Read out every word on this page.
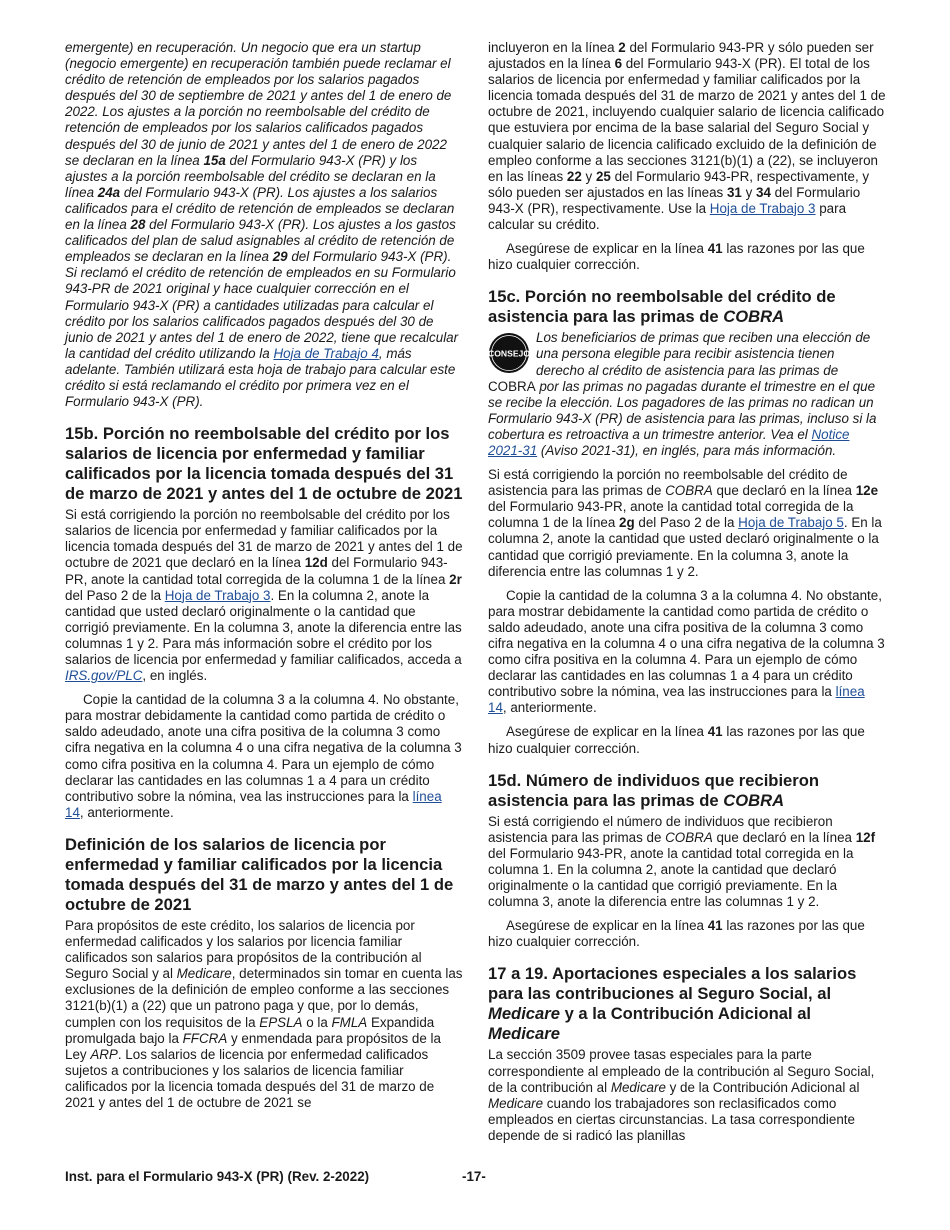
emergente) en recuperación. Un negocio que era un startup (negocio emergente) en recuperación también puede reclamar el crédito de retención de empleados por los salarios pagados después del 30 de septiembre de 2021 y antes del 1 de enero de 2022. Los ajustes a la porción no reembolsable del crédito de retención de empleados por los salarios calificados pagados después del 30 de junio de 2021 y antes del 1 de enero de 2022 se declaran en la línea 15a del Formulario 943-X (PR) y los ajustes a la porción reembolsable del crédito se declaran en la línea 24a del Formulario 943-X (PR). Los ajustes a los salarios calificados para el crédito de retención de empleados se declaran en la línea 28 del Formulario 943-X (PR). Los ajustes a los gastos calificados del plan de salud asignables al crédito de retención de empleados se declaran en la línea 29 del Formulario 943-X (PR). Si reclamó el crédito de retención de empleados en su Formulario 943-PR de 2021 original y hace cualquier corrección en el Formulario 943-X (PR) a cantidades utilizadas para calcular el crédito por los salarios calificados pagados después del 30 de junio de 2021 y antes del 1 de enero de 2022, tiene que recalcular la cantidad del crédito utilizando la Hoja de Trabajo 4, más adelante. También utilizará esta hoja de trabajo para calcular este crédito si está reclamando el crédito por primera vez en el Formulario 943-X (PR).

15b. Porción no reembolsable del crédito por los salarios de licencia por enfermedad y familiar calificados por la licencia tomada después del 31 de marzo de 2021 y antes del 1 de octubre de 2021

Si está corrigiendo la porción no reembolsable del crédito por los salarios de licencia por enfermedad y familiar calificados por la licencia tomada después del 31 de marzo de 2021 y antes del 1 de octubre de 2021 que declaró en la línea 12d del Formulario 943-PR, anote la cantidad total corregida de la columna 1 de la línea 2r del Paso 2 de la Hoja de Trabajo 3. En la columna 2, anote la cantidad que usted declaró originalmente o la cantidad que corrigió previamente. En la columna 3, anote la diferencia entre las columnas 1 y 2. Para más información sobre el crédito por los salarios de licencia por enfermedad y familiar calificados, acceda a IRS.gov/PLC, en inglés.

Copie la cantidad de la columna 3 a la columna 4. No obstante, para mostrar debidamente la cantidad como partida de crédito o saldo adeudado, anote una cifra positiva de la columna 3 como cifra negativa en la columna 4 o una cifra negativa de la columna 3 como cifra positiva en la columna 4. Para un ejemplo de cómo declarar las cantidades en las columnas 1 a 4 para un crédito contributivo sobre la nómina, vea las instrucciones para la línea 14, anteriormente.

Definición de los salarios de licencia por enfermedad y familiar calificados por la licencia tomada después del 31 de marzo y antes del 1 de octubre de 2021

Para propósitos de este crédito, los salarios de licencia por enfermedad calificados y los salarios por licencia familiar calificados son salarios para propósitos de la contribución al Seguro Social y al Medicare, determinados sin tomar en cuenta las exclusiones de la definición de empleo conforme a las secciones 3121(b)(1) a (22) que un patrono paga y que, por lo demás, cumplen con los requisitos de la EPSLA o la FMLA Expandida promulgada bajo la FFCRA y enmendada para propósitos de la Ley ARP. Los salarios de licencia por enfermedad calificados sujetos a contribuciones y los salarios de licencia familiar calificados por la licencia tomada después del 31 de marzo de 2021 y antes del 1 de octubre de 2021 se

incluyeron en la línea 2 del Formulario 943-PR y sólo pueden ser ajustados en la línea 6 del Formulario 943-X (PR). El total de los salarios de licencia por enfermedad y familiar calificados por la licencia tomada después del 31 de marzo de 2021 y antes del 1 de octubre de 2021, incluyendo cualquier salario de licencia calificado que estuviera por encima de la base salarial del Seguro Social y cualquier salario de licencia calificado excluido de la definición de empleo conforme a las secciones 3121(b)(1) a (22), se incluyeron en las líneas 22 y 25 del Formulario 943-PR, respectivamente, y sólo pueden ser ajustados en las líneas 31 y 34 del Formulario 943-X (PR), respectivamente. Use la Hoja de Trabajo 3 para calcular su crédito.

Asegúrese de explicar en la línea 41 las razones por las que hizo cualquier corrección.

15c. Porción no reembolsable del crédito de asistencia para las primas de COBRA
CONSEJO

Los beneficiarios de primas que reciben una elección de una persona elegible para recibir asistencia tienen derecho al crédito de asistencia para las primas de COBRA por las primas no pagadas durante el trimestre en el que se recibe la elección. Los pagadores de las primas no radican un Formulario 943-X (PR) de asistencia para las primas, incluso si la cobertura es retroactiva a un trimestre anterior. Vea el Notice 2021-31 (Aviso 2021-31), en inglés, para más información.

Si está corrigiendo la porción no reembolsable del crédito de asistencia para las primas de COBRA que declaró en la línea 12e del Formulario 943-PR, anote la cantidad total corregida de la columna 1 de la línea 2g del Paso 2 de la Hoja de Trabajo 5. En la columna 2, anote la cantidad que usted declaró originalmente o la cantidad que corrigió previamente. En la columna 3, anote la diferencia entre las columnas 1 y 2.

Copie la cantidad de la columna 3 a la columna 4. No obstante, para mostrar debidamente la cantidad como partida de crédito o saldo adeudado, anote una cifra positiva de la columna 3 como cifra negativa en la columna 4 o una cifra negativa de la columna 3 como cifra positiva en la columna 4. Para un ejemplo de cómo declarar las cantidades en las columnas 1 a 4 para un crédito contributivo sobre la nómina, vea las instrucciones para la línea 14, anteriormente.

Asegúrese de explicar en la línea 41 las razones por las que hizo cualquier corrección.

15d. Número de individuos que recibieron asistencia para las primas de COBRA

Si está corrigiendo el número de individuos que recibieron asistencia para las primas de COBRA que declaró en la línea 12f del Formulario 943-PR, anote la cantidad total corregida en la columna 1. En la columna 2, anote la cantidad que declaró originalmente o la cantidad que corrigió previamente. En la columna 3, anote la diferencia entre las columnas 1 y 2.

Asegúrese de explicar en la línea 41 las razones por las que hizo cualquier corrección.

17 a 19. Aportaciones especiales a los salarios para las contribuciones al Seguro Social, al Medicare y a la Contribución Adicional al Medicare

La sección 3509 provee tasas especiales para la parte correspondiente al empleado de la contribución al Seguro Social, de la contribución al Medicare y de la Contribución Adicional al Medicare cuando los trabajadores son reclasificados como empleados en ciertas circunstancias. La tasa correspondiente depende de si radicó las planillas

Inst. para el Formulario 943-X (PR) (Rev. 2-2022)	-17-
